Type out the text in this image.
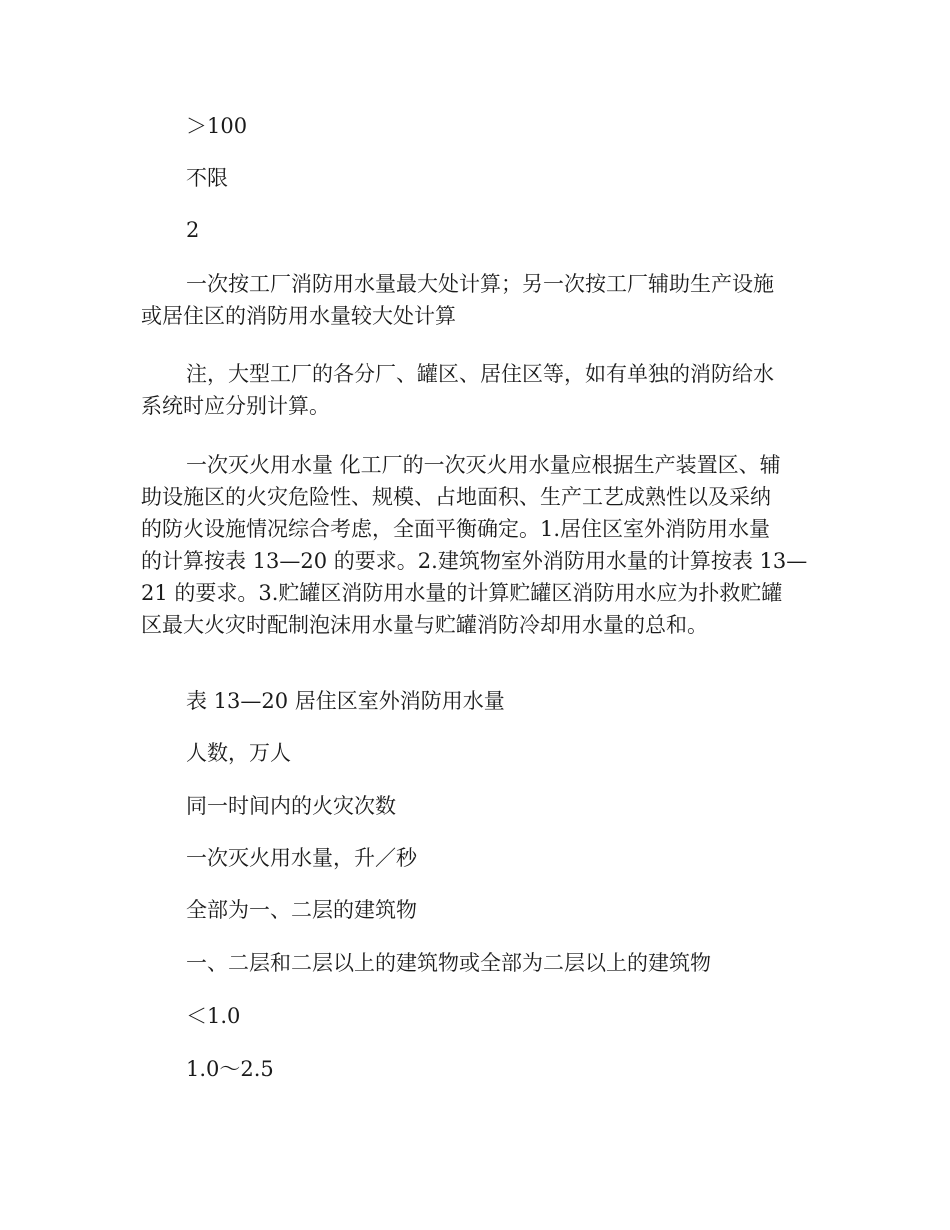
＞100

不限

2

一次按工厂消防用水量最大处计算；另一次按工厂辅助生产设施
或居住区的消防用水量较大处计算
注，大型工厂的各分厂、罐区、居住区等，如有单独的消防给水
系统时应分别计算。
一次灭火用水量 化工厂的一次灭火用水量应根据生产装置区、辅
助设施区的火灾危险性、规模、占地面积、生产工艺成熟性以及采纳
的防火设施情况综合考虑，全面平衡确定。1.居住区室外消防用水量
的计算按表 13—20 的要求。2.建筑物室外消防用水量的计算按表 13—
21 的要求。3.贮罐区消防用水量的计算贮罐区消防用水应为扑救贮罐
区最大火灾时配制泡沫用水量与贮罐消防冷却用水量的总和。

表 13—20 居住区室外消防用水量

人数，万人

同一时间内的火灾次数

一次灭火用水量，升／秒

全部为一、二层的建筑物

一、二层和二层以上的建筑物或全部为二层以上的建筑物

＜1.0

1.0～2.5
